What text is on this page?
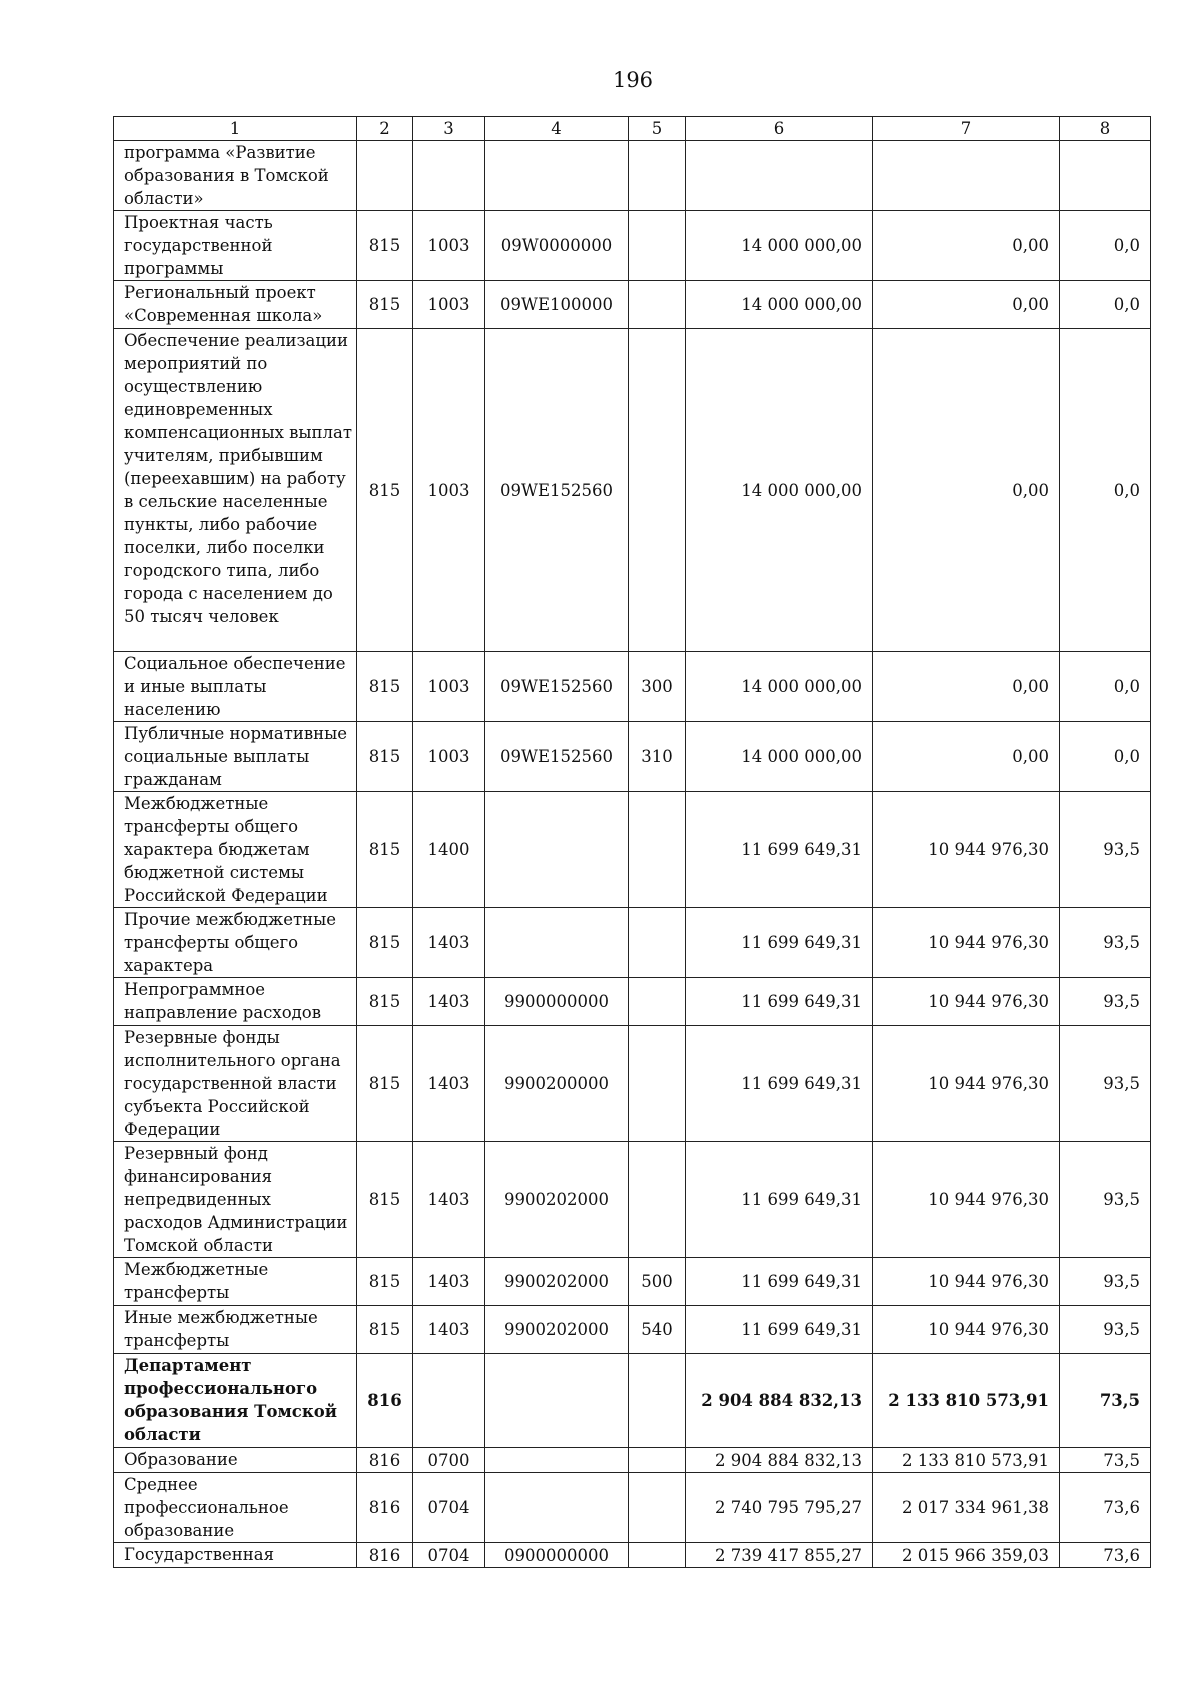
196
1	2	3	4	5	6	7	8
программа «Развитие образования в Томской области»							
Проектная часть государственной программы	815	1003	09W0000000		14 000 000,00	0,00	0,0
Региональный проект «Современная школа»	815	1003	09WE100000		14 000 000,00	0,00	0,0
Обеспечение реализации мероприятий по осуществлению единовременных компенсационных выплат учителям, прибывшим (переехавшим) на работу в сельские населенные пункты, либо рабочие поселки, либо поселки городского типа, либо города с населением до 50 тысяч человек	815	1003	09WE152560		14 000 000,00	0,00	0,0
Социальное обеспечение и иные выплаты населению	815	1003	09WE152560	300	14 000 000,00	0,00	0,0
Публичные нормативные социальные выплаты гражданам	815	1003	09WE152560	310	14 000 000,00	0,00	0,0
Межбюджетные трансферты общего характера бюджетам бюджетной системы Российской Федерации	815	1400			11 699 649,31	10 944 976,30	93,5
Прочие межбюджетные трансферты общего характера	815	1403			11 699 649,31	10 944 976,30	93,5
Непрограммное направление расходов	815	1403	9900000000		11 699 649,31	10 944 976,30	93,5
Резервные фонды исполнительного органа государственной власти субъекта Российской Федерации	815	1403	9900200000		11 699 649,31	10 944 976,30	93,5
Резервный фонд финансирования непредвиденных расходов Администрации Томской области	815	1403	9900202000		11 699 649,31	10 944 976,30	93,5
Межбюджетные трансферты	815	1403	9900202000	500	11 699 649,31	10 944 976,30	93,5
Иные межбюджетные трансферты	815	1403	9900202000	540	11 699 649,31	10 944 976,30	93,5
Департамент профессионального образования Томской области	816				2 904 884 832,13	2 133 810 573,91	73,5
Образование	816	0700			2 904 884 832,13	2 133 810 573,91	73,5
Среднее профессиональное образование	816	0704			2 740 795 795,27	2 017 334 961,38	73,6
Государственная	816	0704	0900000000		2 739 417 855,27	2 015 966 359,03	73,6
